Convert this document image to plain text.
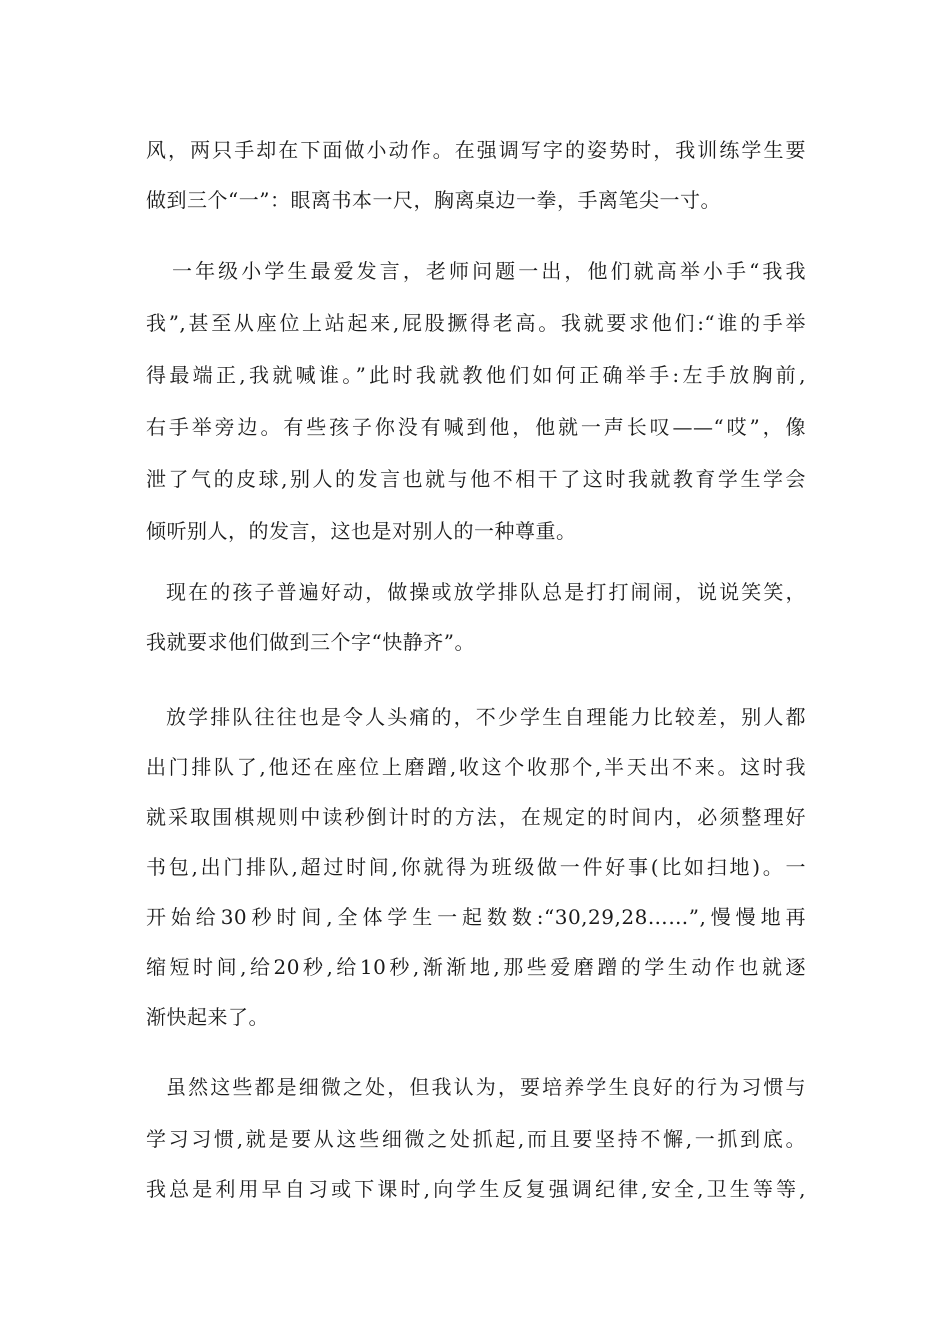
风，两只手却在下面做小动作。在强调写字的姿势时，我训练学生要
做到三个“一”：眼离书本一尺，胸离桌边一拳，手离笔尖一寸。
一年级小学生最爱发言，老师问题一出，他们就高举小手“我我
我”,甚至从座位上站起来,屁股撅得老高。我就要求他们:“谁的手举
得最端正,我就喊谁。”此时我就教他们如何正确举手:左手放胸前,
右手举旁边。有些孩子你没有喊到他，他就一声长叹——“哎”，像
泄了气的皮球,别人的发言也就与他不相干了这时我就教育学生学会
倾听别人，的发言，这也是对别人的一种尊重。
现在的孩子普遍好动，做操或放学排队总是打打闹闹，说说笑笑，
我就要求他们做到三个字“快静齐”。
放学排队往往也是令人头痛的，不少学生自理能力比较差，别人都
出门排队了,他还在座位上磨蹭,收这个收那个,半天出不来。这时我
就采取围棋规则中读秒倒计时的方法，在规定的时间内，必须整理好
书包,出门排队,超过时间,你就得为班级做一件好事(比如扫地)。一
开始给30秒时间,全体学生一起数数:“30,29,28……”,慢慢地再
缩短时间,给20秒,给10秒,渐渐地,那些爱磨蹭的学生动作也就逐
渐快起来了。
虽然这些都是细微之处，但我认为，要培养学生良好的行为习惯与
学习习惯,就是要从这些细微之处抓起,而且要坚持不懈,一抓到底。
我总是利用早自习或下课时,向学生反复强调纪律,安全,卫生等等,
